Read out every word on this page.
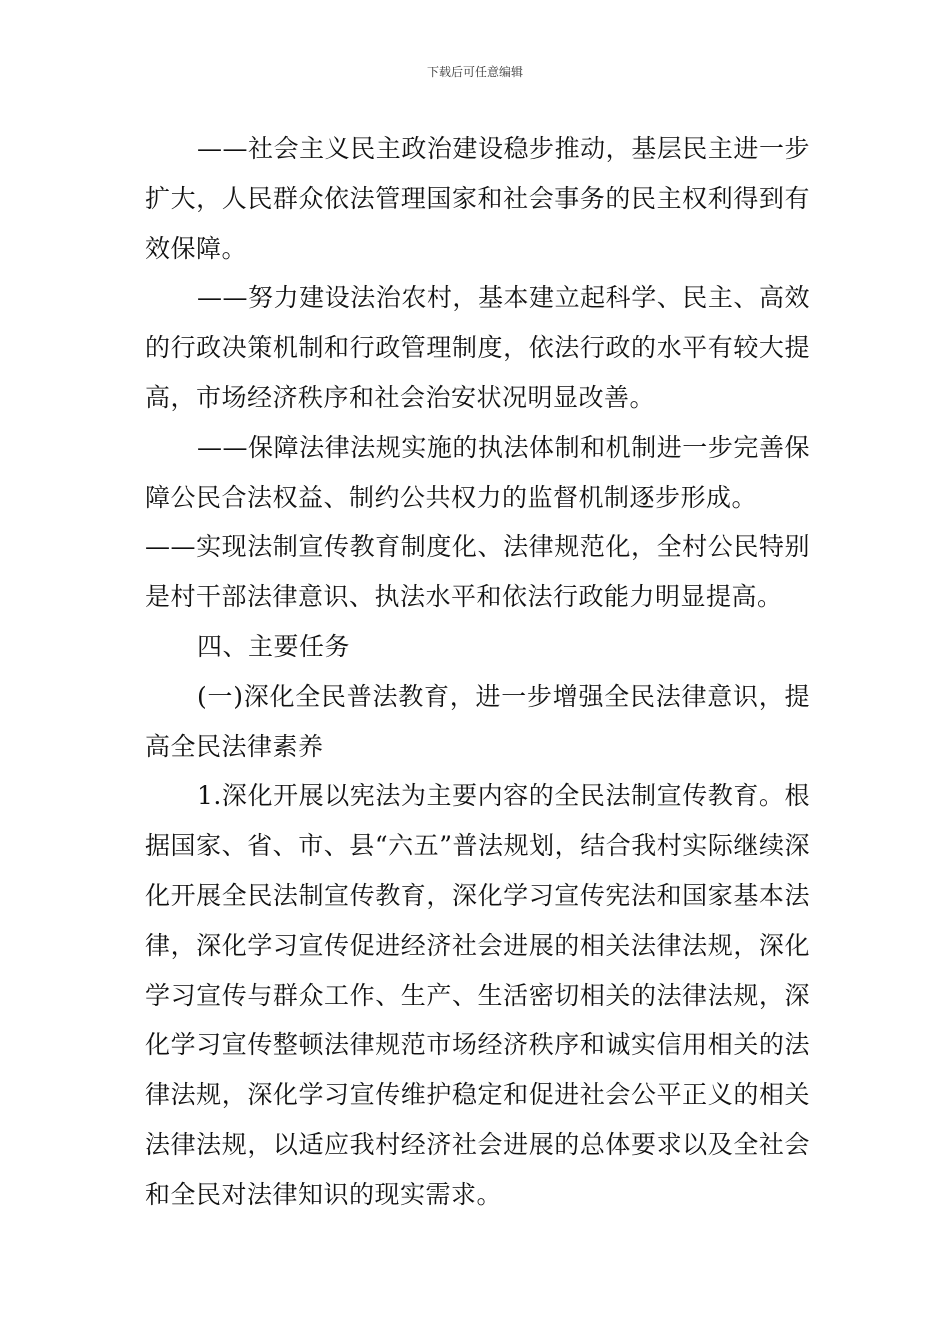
下载后可任意编辑

——社会主义民主政治建设稳步推动，基层民主进一步扩大，人民群众依法管理国家和社会事务的民主权利得到有效保障。

——努力建设法治农村，基本建立起科学、民主、高效的行政决策机制和行政管理制度，依法行政的水平有较大提高，市场经济秩序和社会治安状况明显改善。

——保障法律法规实施的执法体制和机制进一步完善保障公民合法权益、制约公共权力的监督机制逐步形成。

——实现法制宣传教育制度化、法律规范化，全村公民特别是村干部法律意识、执法水平和依法行政能力明显提高。

四、主要任务

(一)深化全民普法教育，进一步增强全民法律意识，提高全民法律素养

1.深化开展以宪法为主要内容的全民法制宣传教育。根据国家、省、市、县“六五”普法规划，结合我村实际继续深化开展全民法制宣传教育，深化学习宣传宪法和国家基本法律，深化学习宣传促进经济社会进展的相关法律法规，深化学习宣传与群众工作、生产、生活密切相关的法律法规，深化学习宣传整顿法律规范市场经济秩序和诚实信用相关的法律法规，深化学习宣传维护稳定和促进社会公平正义的相关法律法规，以适应我村经济社会进展的总体要求以及全社会和全民对法律知识的现实需求。
